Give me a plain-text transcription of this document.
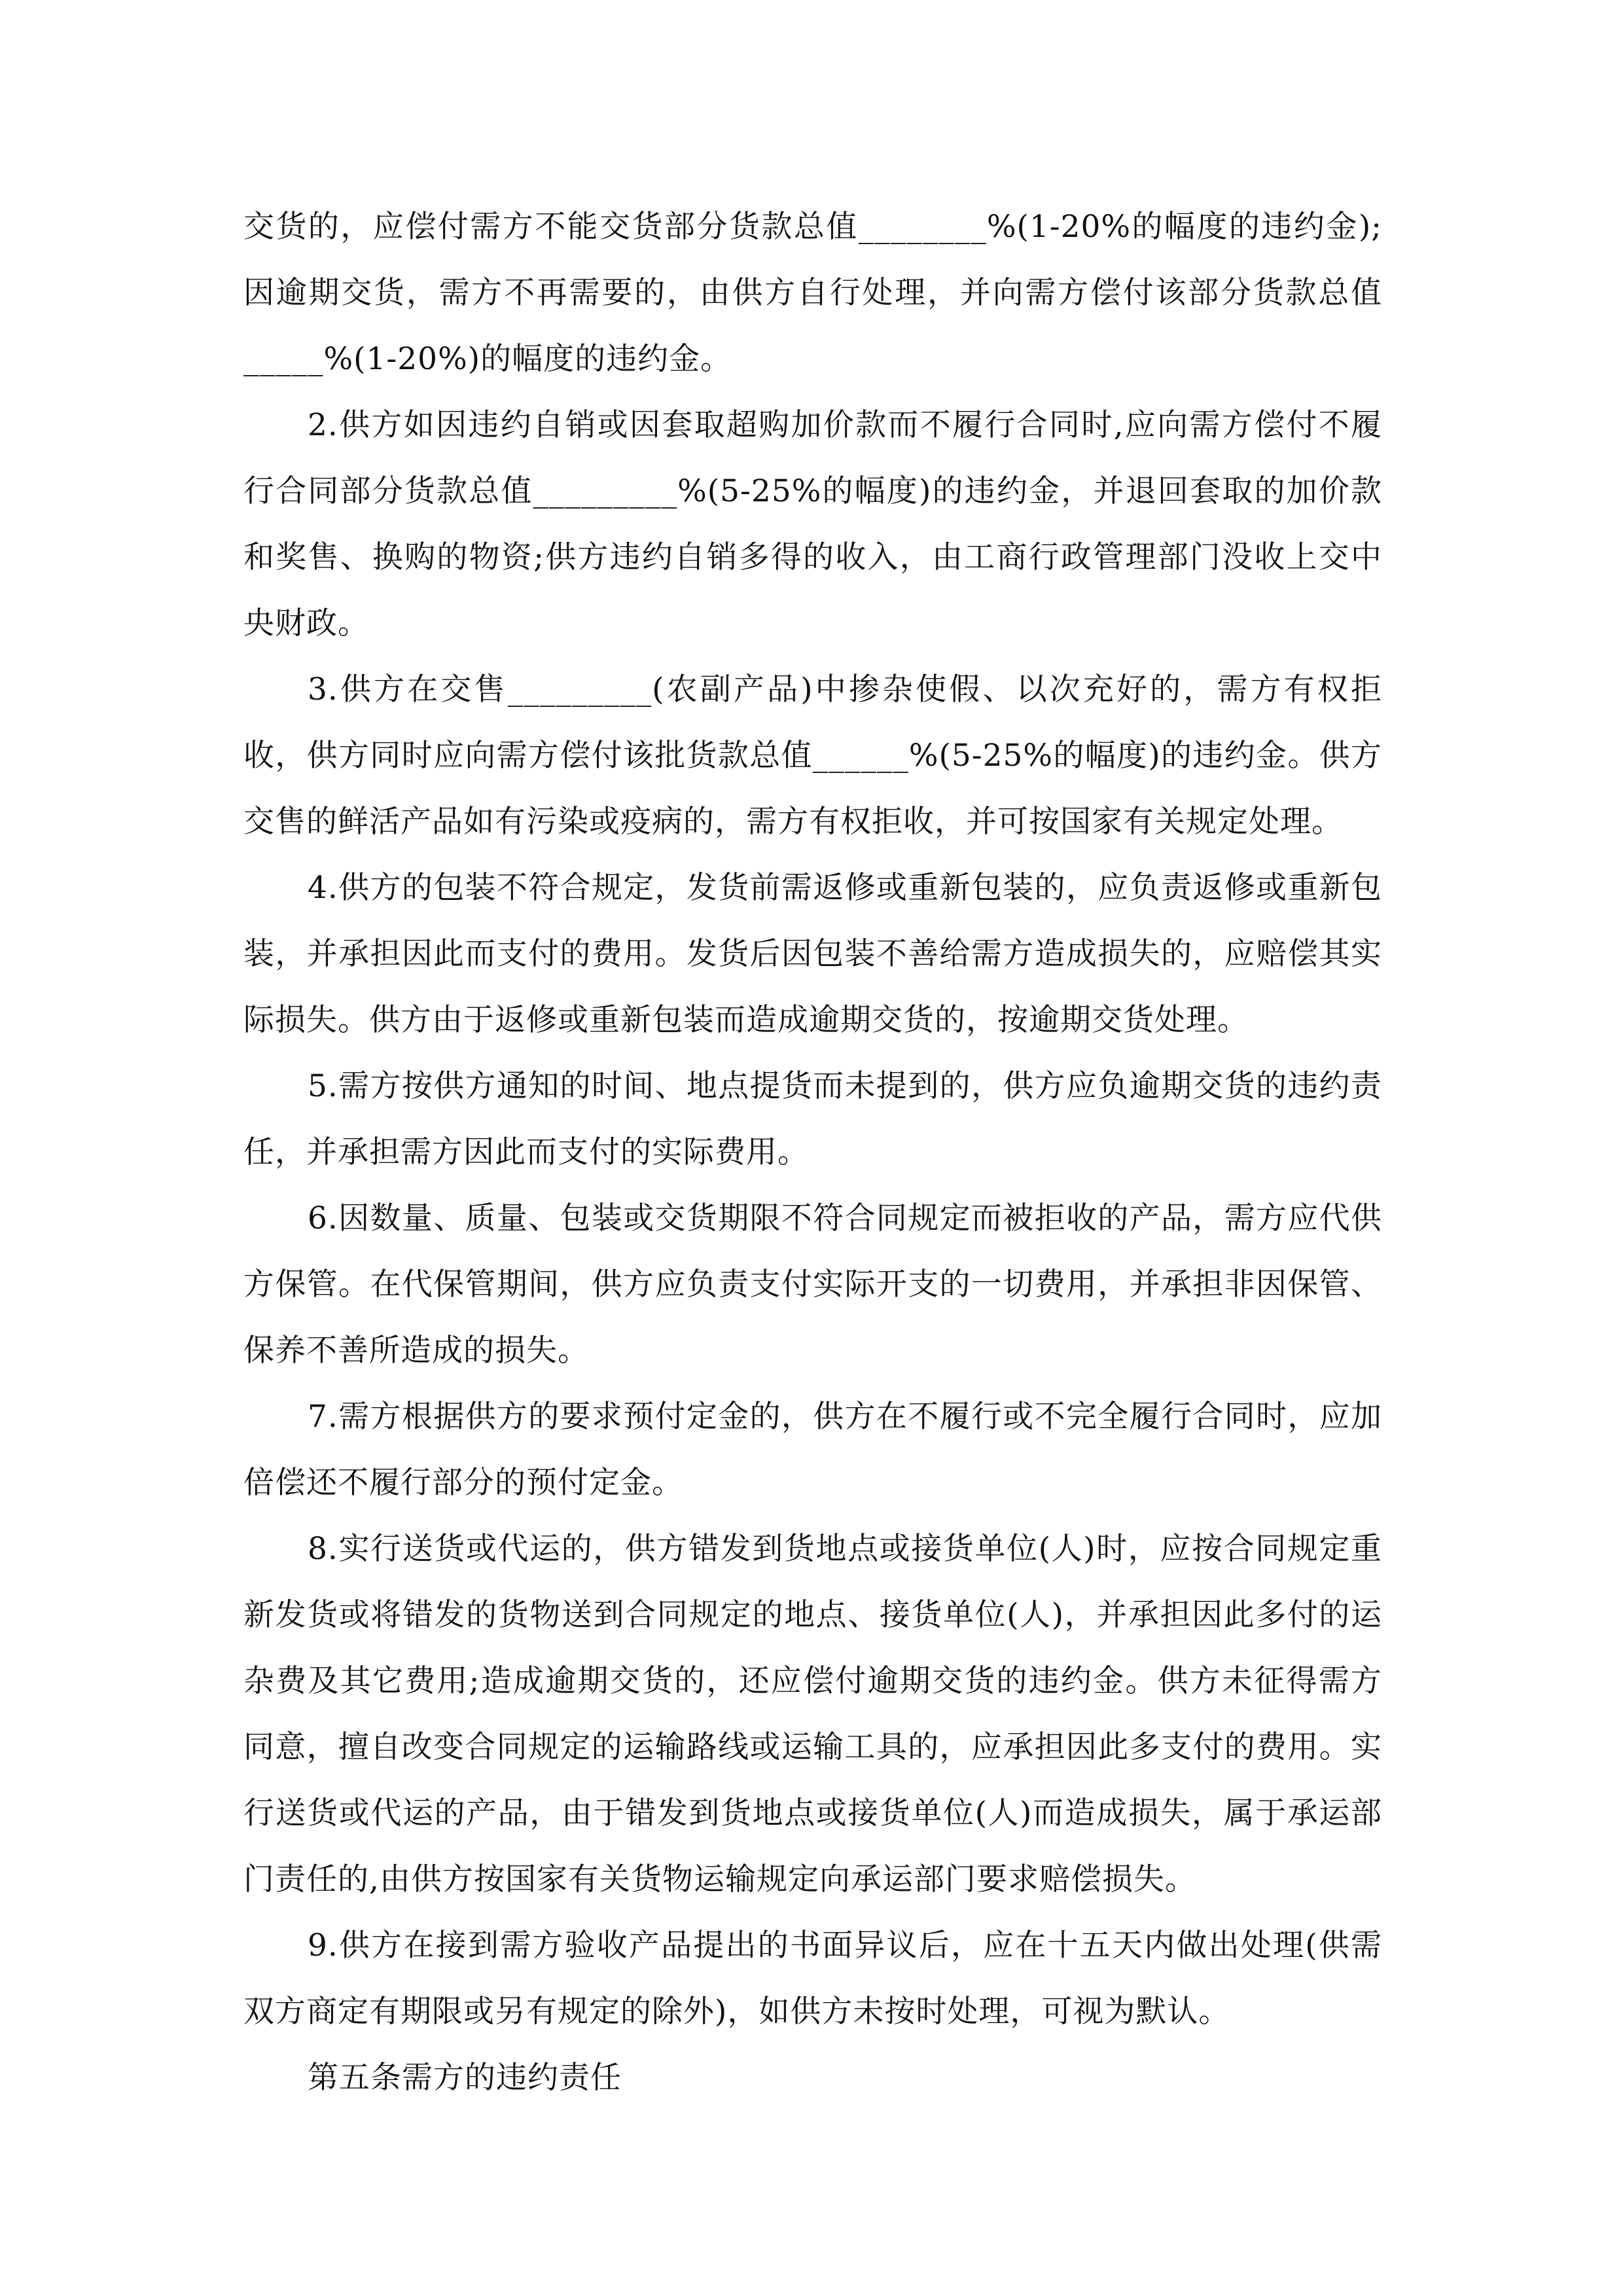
交货的，应偿付需方不能交货部分货款总值________%(1-20%的幅度的违约金);因逾期交货，需方不再需要的，由供方自行处理，并向需方偿付该部分货款总值_____%(1-20%)的幅度的违约金。

2.供方如因违约自销或因套取超购加价款而不履行合同时,应向需方偿付不履行合同部分货款总值_________%(5-25%的幅度)的违约金，并退回套取的加价款和奖售、换购的物资;供方违约自销多得的收入，由工商行政管理部门没收上交中央财政。

3.供方在交售_________(农副产品)中掺杂使假、以次充好的，需方有权拒收，供方同时应向需方偿付该批货款总值______%(5-25%的幅度)的违约金。供方交售的鲜活产品如有污染或疫病的，需方有权拒收，并可按国家有关规定处理。

4.供方的包装不符合规定，发货前需返修或重新包装的，应负责返修或重新包装，并承担因此而支付的费用。发货后因包装不善给需方造成损失的，应赔偿其实际损失。供方由于返修或重新包装而造成逾期交货的，按逾期交货处理。

5.需方按供方通知的时间、地点提货而未提到的，供方应负逾期交货的违约责任，并承担需方因此而支付的实际费用。

6.因数量、质量、包装或交货期限不符合同规定而被拒收的产品，需方应代供方保管。在代保管期间，供方应负责支付实际开支的一切费用，并承担非因保管、保养不善所造成的损失。

7.需方根据供方的要求预付定金的，供方在不履行或不完全履行合同时，应加倍偿还不履行部分的预付定金。

8.实行送货或代运的，供方错发到货地点或接货单位(人)时，应按合同规定重新发货或将错发的货物送到合同规定的地点、接货单位(人)，并承担因此多付的运杂费及其它费用;造成逾期交货的，还应偿付逾期交货的违约金。供方未征得需方同意，擅自改变合同规定的运输路线或运输工具的，应承担因此多支付的费用。实行送货或代运的产品，由于错发到货地点或接货单位(人)而造成损失，属于承运部门责任的,由供方按国家有关货物运输规定向承运部门要求赔偿损失。

9.供方在接到需方验收产品提出的书面异议后，应在十五天内做出处理(供需双方商定有期限或另有规定的除外)，如供方未按时处理，可视为默认。

第五条需方的违约责任
